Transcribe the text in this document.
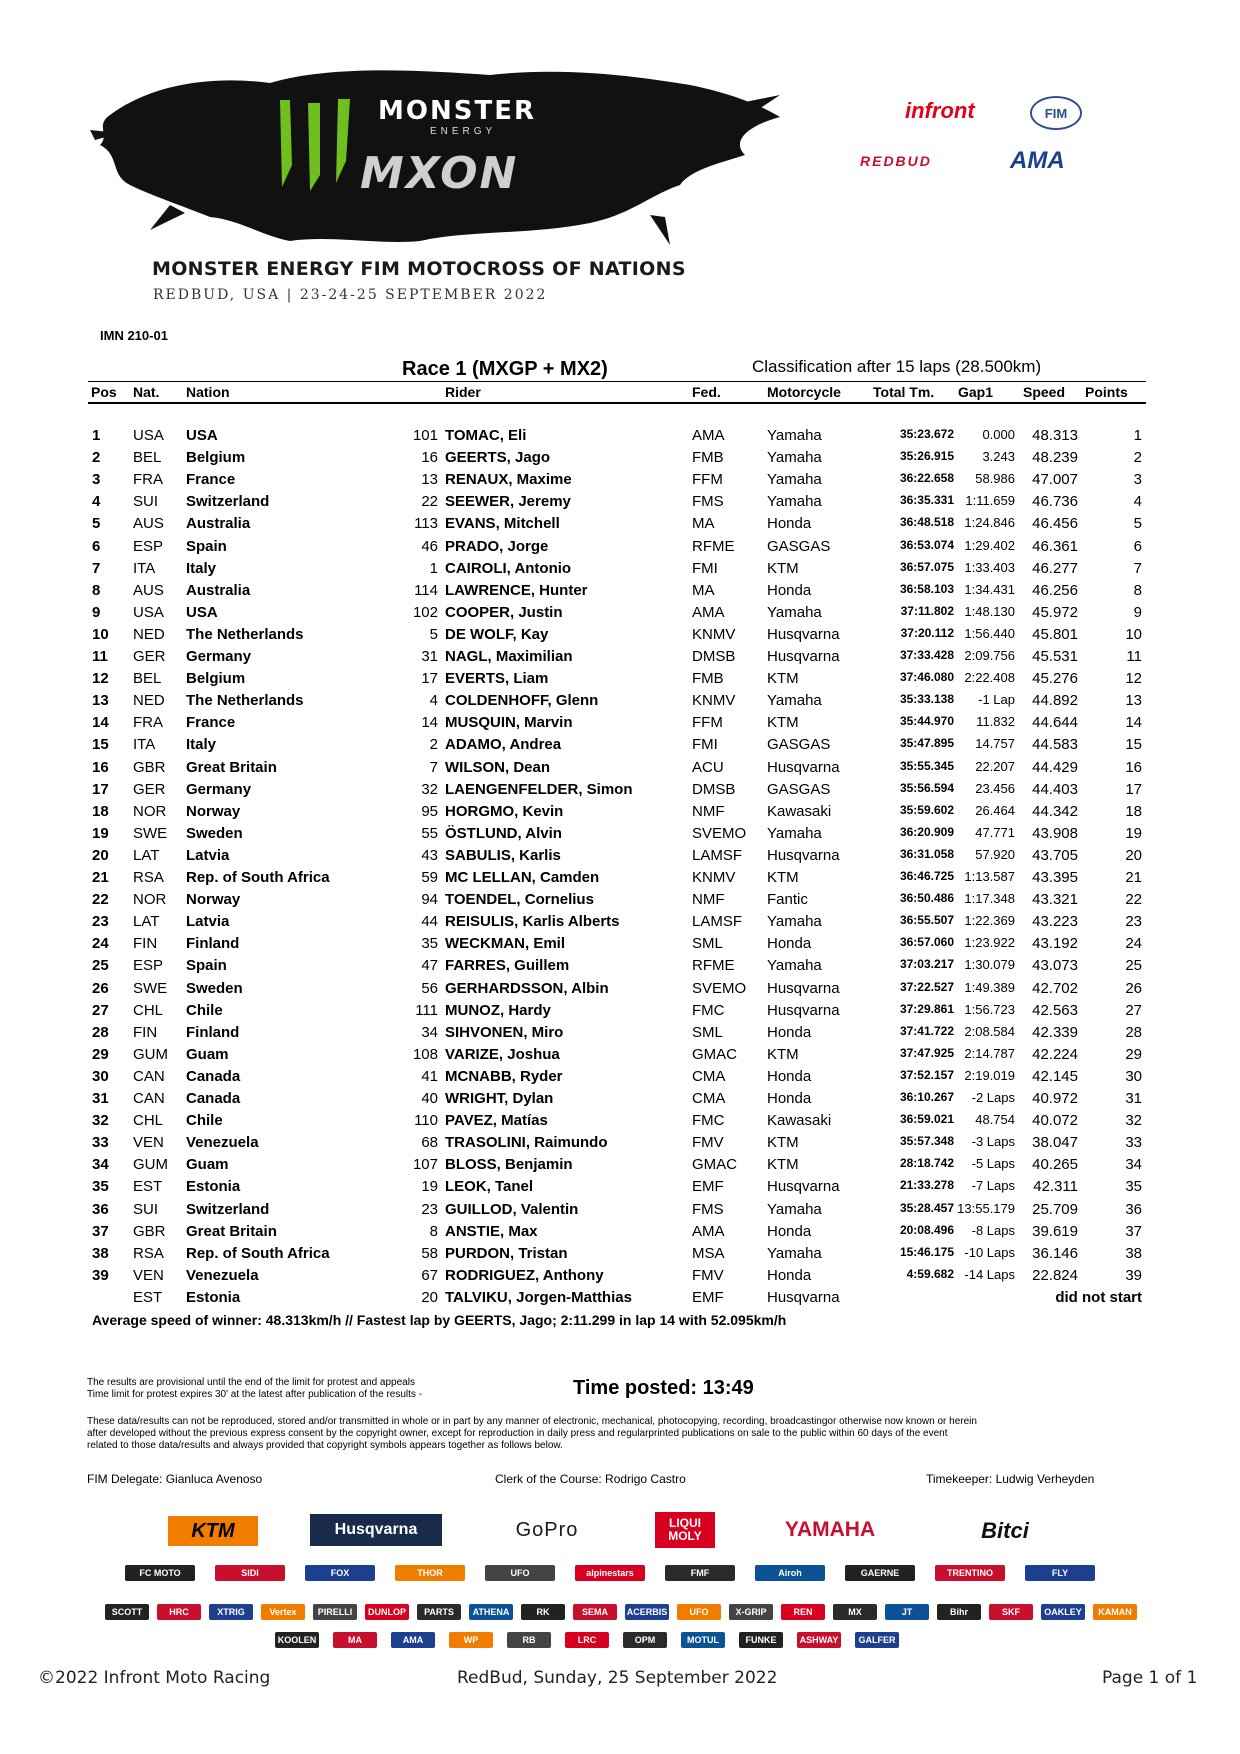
MONSTER
ENERGY
MXON
MONSTER ENERGY FIM MOTOCROSS OF NATIONS
REDBUD, USA | 23-24-25 SEPTEMBER 2022
infront	FIM
REDBUD	AMA
IMN 210-01
Race 1 (MXGP + MX2)	Classification after 15 laps (28.500km)
Pos Nat. Nation	Rider	Fed.	Motorcycle Total Tm. Gap1 Speed Points
1 USA USA	101 TOMAC, Eli	AMA	Yamaha	35:23.672	0.000	48.313	1
2 BEL Belgium	16 GEERTS, Jago	FMB	Yamaha	35:26.915	3.243	48.239	2
3 FRA France	13 RENAUX, Maxime	FFM	Yamaha	36:22.658	58.986	47.007	3
4 SUI Switzerland	22 SEEWER, Jeremy	FMS	Yamaha	36:35.331 1:11.659	46.736	4
5 AUS Australia	113 EVANS, Mitchell	MA	Honda	36:48.518 1:24.846	46.456	5
6 ESP Spain	46 PRADO, Jorge	RFME GASGAS	36:53.074 1:29.402	46.361	6
7 ITA Italy	1 CAIROLI, Antonio	FMI	KTM	36:57.075 1:33.403	46.277	7
8 AUS Australia	114 LAWRENCE, Hunter	MA	Honda	36:58.103 1:34.431	46.256	8
9 USA USA	102 COOPER, Justin	AMA	Yamaha	37:11.802 1:48.130	45.972	9
10 NED The Netherlands	5 DE WOLF, Kay	KNMV Husqvarna	37:20.112 1:56.440	45.801	10
11 GER Germany	31 NAGL, Maximilian	DMSB Husqvarna	37:33.428 2:09.756	45.531	11
12 BEL Belgium	17 EVERTS, Liam	FMB	KTM	37:46.080 2:22.408	45.276	12
13 NED The Netherlands	4 COLDENHOFF, Glenn	KNMV Yamaha	35:33.138	-1 Lap	44.892	13
14 FRA France	14 MUSQUIN, Marvin	FFM	KTM	35:44.970	11.832	44.644	14
15 ITA Italy	2 ADAMO, Andrea	FMI	GASGAS	35:47.895	14.757	44.583	15
16 GBR Great Britain	7 WILSON, Dean	ACU	Husqvarna	35:55.345	22.207	44.429	16
17 GER Germany	32 LAENGENFELDER, Simon	DMSB GASGAS	35:56.594	23.456	44.403	17
18 NOR Norway	95 HORGMO, Kevin	NMF	Kawasaki	35:59.602	26.464	44.342	18
19 SWE Sweden	55 ÖSTLUND, Alvin	SVEMO Yamaha	36:20.909	47.771	43.908	19
20 LAT Latvia	43 SABULIS, Karlis	LAMSF Husqvarna	36:31.058	57.920	43.705	20
21 RSA Rep. of South Africa	59 MC LELLAN, Camden	KNMV KTM	36:46.725 1:13.587	43.395	21
22 NOR Norway	94 TOENDEL, Cornelius	NMF	Fantic	36:50.486 1:17.348	43.321	22
23 LAT Latvia	44 REISULIS, Karlis Alberts	LAMSF Yamaha	36:55.507 1:22.369	43.223	23
24 FIN Finland	35 WECKMAN, Emil	SML	Honda	36:57.060 1:23.922	43.192	24
25 ESP Spain	47 FARRES, Guillem	RFME Yamaha	37:03.217 1:30.079	43.073	25
26 SWE Sweden	56 GERHARDSSON, Albin	SVEMO Husqvarna	37:22.527 1:49.389	42.702	26
27 CHL Chile	111 MUNOZ, Hardy	FMC	Husqvarna	37:29.861 1:56.723	42.563	27
28 FIN Finland	34 SIHVONEN, Miro	SML	Honda	37:41.722 2:08.584	42.339	28
29 GUM Guam	108 VARIZE, Joshua	GMAC KTM	37:47.925 2:14.787	42.224	29
30 CAN Canada	41 MCNABB, Ryder	CMA	Honda	37:52.157 2:19.019	42.145	30
31 CAN Canada	40 WRIGHT, Dylan	CMA	Honda	36:10.267	-2 Laps	40.972	31
32 CHL Chile	110 PAVEZ, Matías	FMC	Kawasaki	36:59.021	48.754	40.072	32
33 VEN Venezuela	68 TRASOLINI, Raimundo	FMV	KTM	35:57.348	-3 Laps	38.047	33
34 GUM Guam	107 BLOSS, Benjamin	GMAC KTM	28:18.742	-5 Laps	40.265	34
35 EST Estonia	19 LEOK, Tanel	EMF	Husqvarna	21:33.278	-7 Laps	42.311	35
36 SUI Switzerland	23 GUILLOD, Valentin	FMS	Yamaha	35:28.457 13:55.179	25.709	36
37 GBR Great Britain	8 ANSTIE, Max	AMA	Honda	20:08.496	-8 Laps	39.619	37
38 RSA Rep. of South Africa	58 PURDON, Tristan	MSA	Yamaha	15:46.175 -10 Laps	36.146	38
39 VEN Venezuela	67 RODRIGUEZ, Anthony	FMV	Honda	4:59.682 -14 Laps	22.824	39
EST Estonia	20 TALVIKU, Jorgen-Matthias	EMF	Husqvarna	did not start
Average speed of winner: 48.313km/h // Fastest lap by GEERTS, Jago; 2:11.299 in lap 14 with 52.095km/h
The results are provisional until the end of the limit for protest and appeals
Time limit for protest expires 30' at the latest after publication of the results -	Time posted: 13:49
These data/results can not be reproduced, stored and/or transmitted in whole or in part by any manner of electronic, mechanical, photocopying, recording, broadcastingor otherwise now known or herein
after developed without the previous express consent by the copyright owner, except for reproduction in daily press and regularprinted publications on sale to the public within 60 days of the event
related to those data/results and always provided that copyright symbols appears together as follows below.
FIM Delegate: Gianluca Avenoso	Clerk of the Course: Rodrigo Castro	Timekeeper: Ludwig Verheyden
KTM	Husqvarna	GoPro	LIQUI MOLY	YAMAHA	Bitci
FC MOTO	SIDI	FOX	THOR	UFO	alpinestars	FMF	Airoh	GAERNE	TRENTINO	FLY
SCOTT	HRC	XTRIG	Vertex	PIRELLI	DUNLOP	PARTS	ATHENA	RK	SEMA	ACERBIS	UFO	X-GRIP	REN	MX	JT	Bihr	SKF	OAKLEY	KAMAN
KOOLEN	MA	AMA	WP	RB	LRC	OPM	MOTUL	FUNKE	ASHWAY	GALFER
©2022 Infront Moto Racing	RedBud, Sunday, 25 September 2022	Page 1 of 1
